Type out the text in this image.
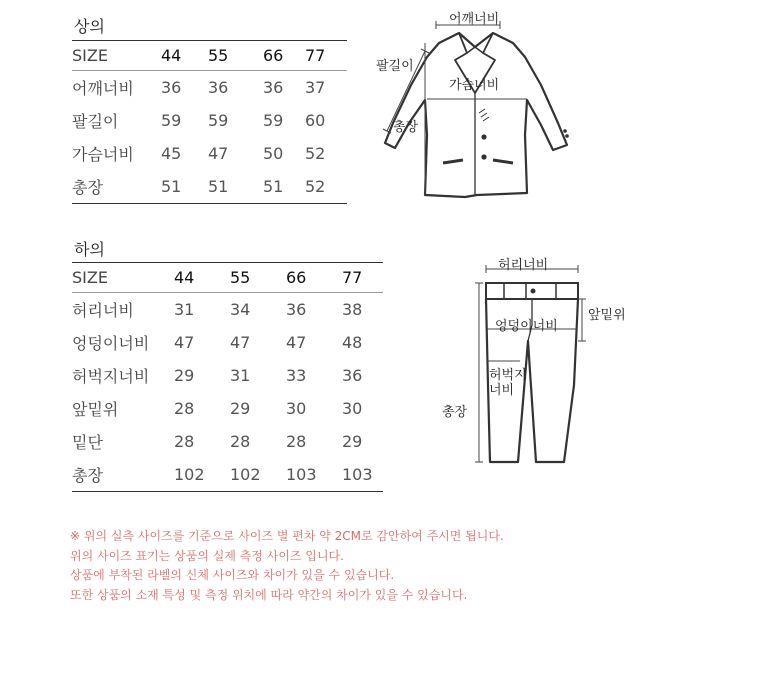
상의
SIZE	44	55	66	77
어깨너비	36	36	36	37
팔길이	59	59	59	60
가슴너비	45	47	50	52
총장	51	51	51	52
어깨너비
팔길이
가슴너비
총장
하의
SIZE	44	55	66	77
허리너비	31	34	36	38
엉덩이너비	47	47	47	48
허벅지너비	29	31	33	36
앞밑위	28	29	30	30
밑단	28	28	28	29
총장	102	102	103	103
허리너비
앞밑위
엉덩이너비
허벅지
너비
총장
※ 위의 실측 사이즈를 기준으로 사이즈 별 편차 약 2CM로 감안하여 주시면 됩니다.
위의 사이즈 표기는 상품의 실제 측정 사이즈 입니다.
상품에 부착된 라벨의 신체 사이즈와 차이가 있을 수 있습니다.
또한 상품의 소재 특성 및 측정 위치에 따라 약간의 차이가 있을 수 있습니다.
